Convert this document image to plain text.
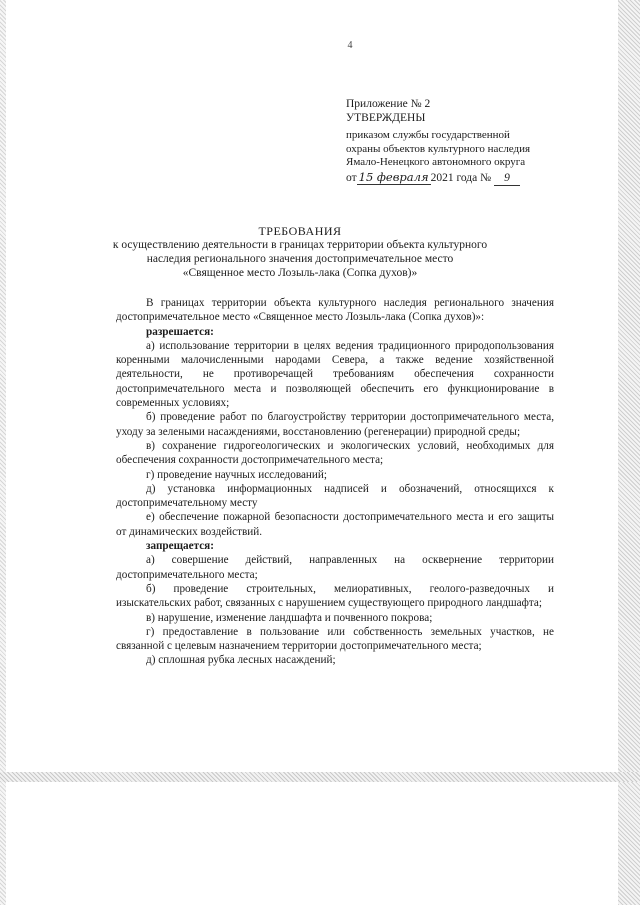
4
Приложение № 2
УТВЕРЖДЕНЫ
приказом службы государственной
охраны объектов культурного наследия
Ямало-Ненецкого автономного округа
от 15 февраля 2021 года № 9
ТРЕБОВАНИЯ
к осуществлению деятельности в границах территории объекта культурного
наследия регионального значения достопримечательное место
«Священное место Лозыль-лака (Сопка духов)»

В границах территории объекта культурного наследия регионального значения достопримечательное место «Священное место Лозыль-лака (Сопка духов)»:

разрешается:

а) использование территории в целях ведения традиционного природопользования коренными малочисленными народами Севера, а также ведение хозяйственной деятельности, не противоречащей требованиям обеспечения сохранности достопримечательного места и позволяющей обеспечить его функционирование в современных условиях;

б) проведение работ по благоустройству территории достопримечательного места, уходу за зелеными насаждениями, восстановлению (регенерации) природной среды;

в) сохранение гидрогеологических и экологических условий, необходимых для обеспечения сохранности достопримечательного места;

г) проведение научных исследований;

д) установка информационных надписей и обозначений, относящихся к достопримечательному месту

е) обеспечение пожарной безопасности достопримечательного места и его защиты от динамических воздействий.

запрещается:

а) совершение действий, направленных на осквернение территории достопримечательного места;

б) проведение строительных, мелиоративных, геолого-разведочных и изыскательских работ, связанных с нарушением существующего природного ландшафта;

в) нарушение, изменение ландшафта и почвенного покрова;

г) предоставление в пользование или собственность земельных участков, не связанной с целевым назначением территории достопримечательного места;

д) сплошная рубка лесных насаждений;
